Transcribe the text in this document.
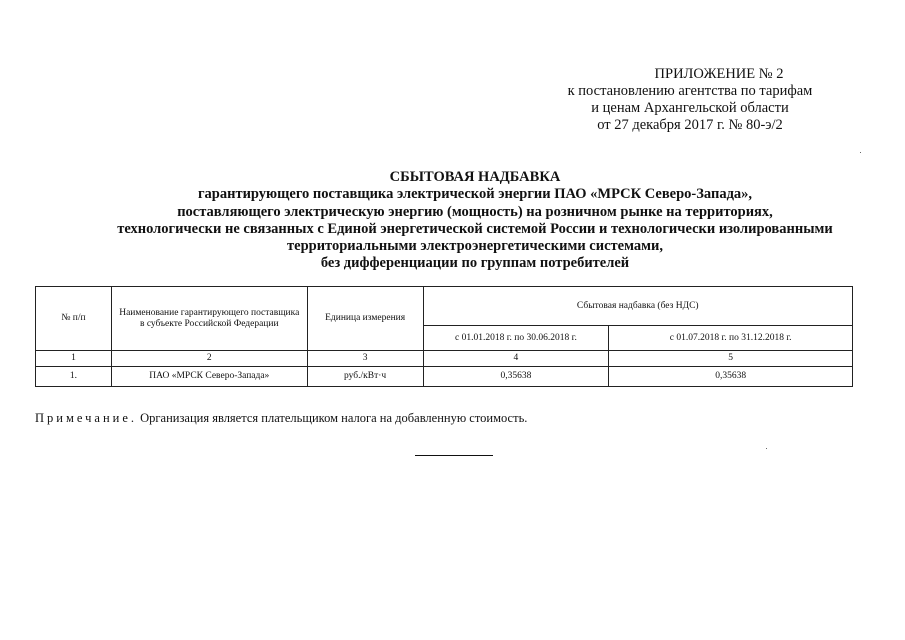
ПРИЛОЖЕНИЕ № 2
к постановлению агентства по тарифам
и ценам Архангельской области
от 27 декабря 2017 г. № 80-э/2
СБЫТОВАЯ НАДБАВКА
гарантирующего поставщика электрической энергии ПАО «МРСК Северо-Запада»,
поставляющего электрическую энергию (мощность) на розничном рынке на территориях,
технологически не связанных с Единой энергетической системой России и технологически изолированными
территориальными электроэнергетическими системами,
без дифференциации по группам потребителей
№ п/п	Наименование гарантирующего поставщика в субъекте Российской Федерации	Единица измерения	Сбытовая надбавка (без НДС)	
			с 01.01.2018 г. по 30.06.2018 г.	с 01.07.2018 г. по 31.12.2018 г.
1	2	3	4	5
1.	ПАО «МРСК Северо-Запада»	руб./кВт·ч	0,35638	0,35638
Примечание. Организация является плательщиком налога на добавленную стоимость.
